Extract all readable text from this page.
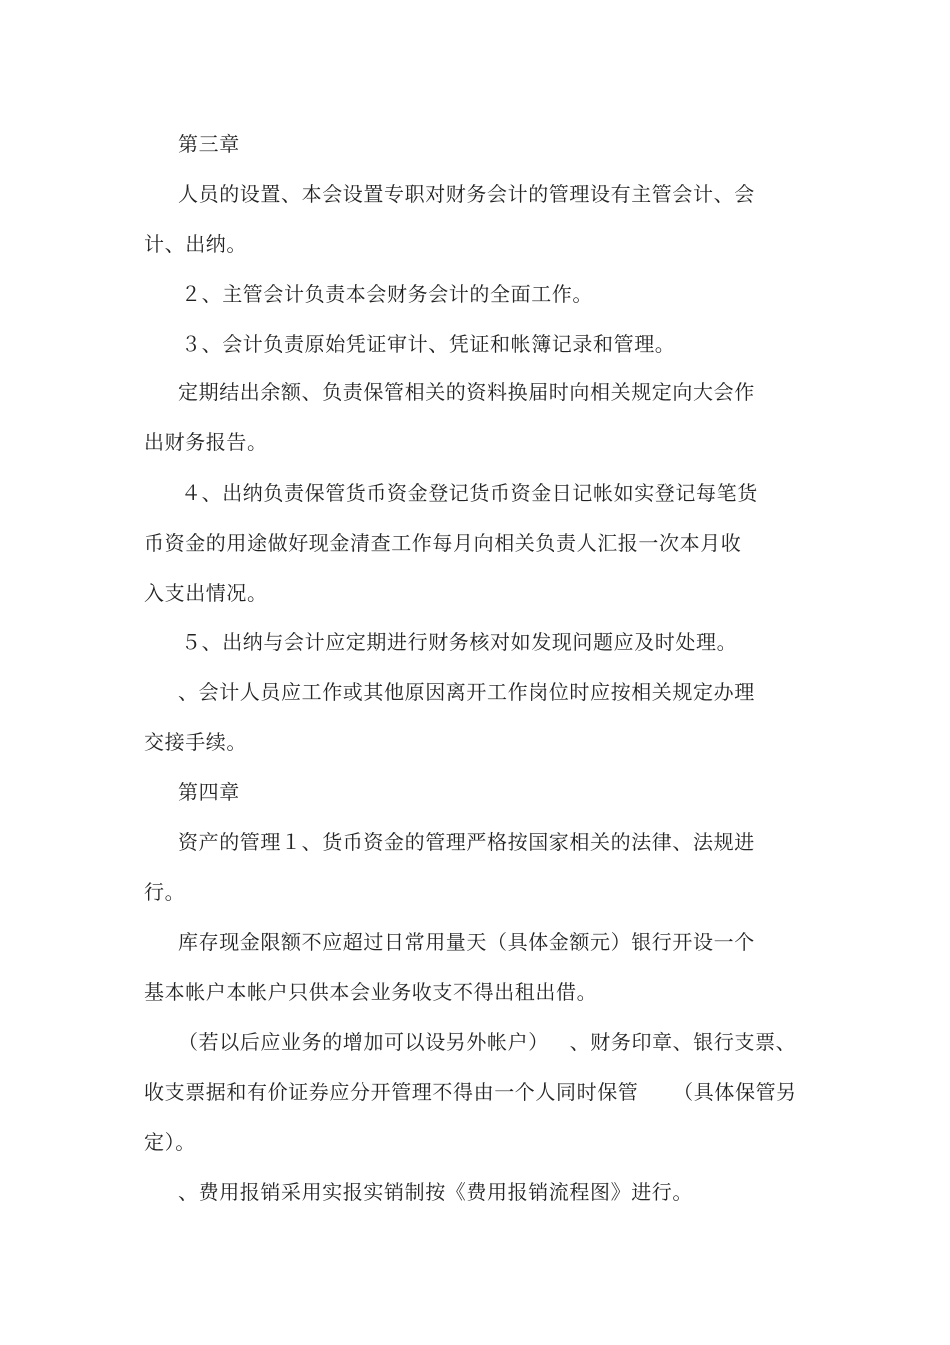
第三章
人员的设置、本会设置专职对财务会计的管理设有主管会计、会
计、出纳。
２、主管会计负责本会财务会计的全面工作。
３、会计负责原始凭证审计、凭证和帐簿记录和管理。
定期结出余额、负责保管相关的资料换届时向相关规定向大会作
出财务报告。
４、出纳负责保管货币资金登记货币资金日记帐如实登记每笔货
币资金的用途做好现金清查工作每月向相关负责人汇报一次本月收
入支出情况。
５、出纳与会计应定期进行财务核对如发现问题应及时处理。
、会计人员应工作或其他原因离开工作岗位时应按相关规定办理
交接手续。
第四章
资产的管理１、货币资金的管理严格按国家相关的法律、法规进
行。
库存现金限额不应超过日常用量天（具体金额元）银行开设一个
基本帐户本帐户只供本会业务收支不得出租出借。
（若以后应业务的增加可以设另外帐户）   、财务印章、银行支票、
收支票据和有价证券应分开管理不得由一个人同时保管     （具体保管另
定）。
、费用报销采用实报实销制按《费用报销流程图》进行。
